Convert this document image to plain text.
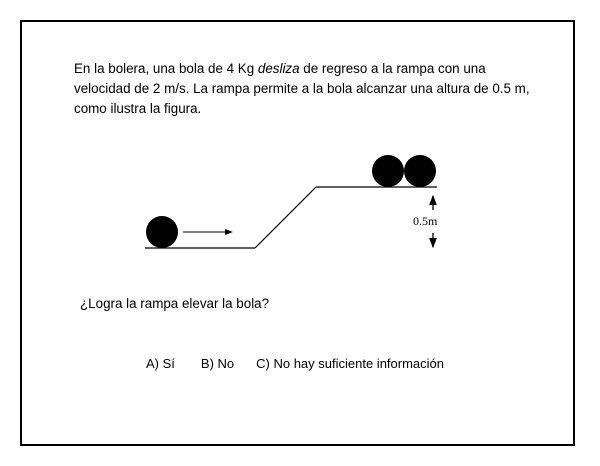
En la bolera, una bola de 4 Kg desliza de regreso a la rampa con una velocidad de 2 m/s. La rampa permite a la bola alcanzar una altura de 0.5 m, como ilustra la figura.

0.5m

¿Logra la rampa elevar la bola?

A) Sí B) No C) No hay suficiente información
